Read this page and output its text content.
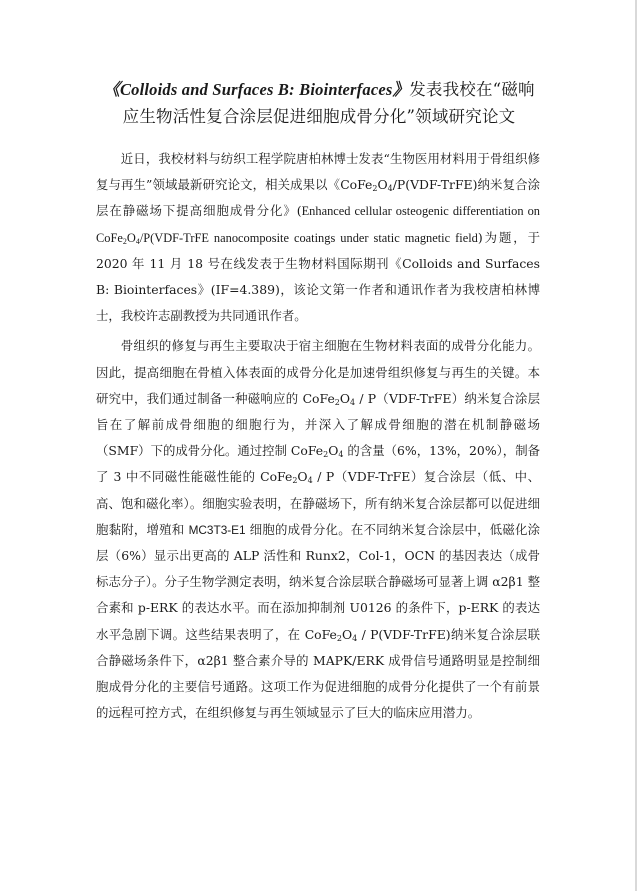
《Colloids and Surfaces B: Biointerfaces》发表我校在“磁响
应生物活性复合涂层促进细胞成骨分化”领域研究论文

近日，我校材料与纺织工程学院唐柏林博士发表“生物医用材料用于骨组织修复与再生”领域最新研究论文，相关成果以《$CoFe_2O_4/P(VDF-TrFE)$纳米复合涂层在静磁场下提高细胞成骨分化》(Enhanced cellular osteogenic differentiation on $CoFe_2O_4/P(VDF$-TrFE nanocomposite coatings under static magnetic field)为题，于 2020 年 11 月 18 号在线发表于生物材料国际期刊《Colloids and Surfaces B: Biointerfaces》(IF=4.389)，该论文第一作者和通讯作者为我校唐柏林博士，我校许志副教授为共同通讯作者。

骨组织的修复与再生主要取决于宿主细胞在生物材料表面的成骨分化能力。因此，提高细胞在骨植入体表面的成骨分化是加速骨组织修复与再生的关键。本研究中，我们通过制备一种磁响应的 $CoFe_2O_4$ / P（VDF-TrFE）纳米复合涂层旨在了解前成骨细胞的细胞行为，并深入了解成骨细胞的潜在机制静磁场（SMF）下的成骨分化。通过控制 $CoFe_2O_4$ 的含量（6%，13%，20%），制备了 3 中不同磁性能磁性能的 $CoFe_2O_4$ / P（VDF-TrFE）复合涂层（低、中、高、饱和磁化率）。细胞实验表明，在静磁场下，所有纳米复合涂层都可以促进细胞黏附，增殖和 MC3T3-E1 细胞的成骨分化。在不同纳米复合涂层中，低磁化涂层（6%）显示出更高的 ALP 活性和 Runx2，Col-1，OCN 的基因表达（成骨标志分子）。分子生物学测定表明，纳米复合涂层联合静磁场可显著上调 α2β1 整合素和 p-ERK 的表达水平。而在添加抑制剂 U0126 的条件下，p-ERK 的表达水平急剧下调。这些结果表明了，在 $CoFe_2O_4$ / P(VDF-TrFE)纳米复合涂层联合静磁场条件下，α2β1 整合素介导的 MAPK/ERK 成骨信号通路明显是控制细胞成骨分化的主要信号通路。这项工作为促进细胞的成骨分化提供了一个有前景的远程可控方式，在组织修复与再生领域显示了巨大的临床应用潜力。
